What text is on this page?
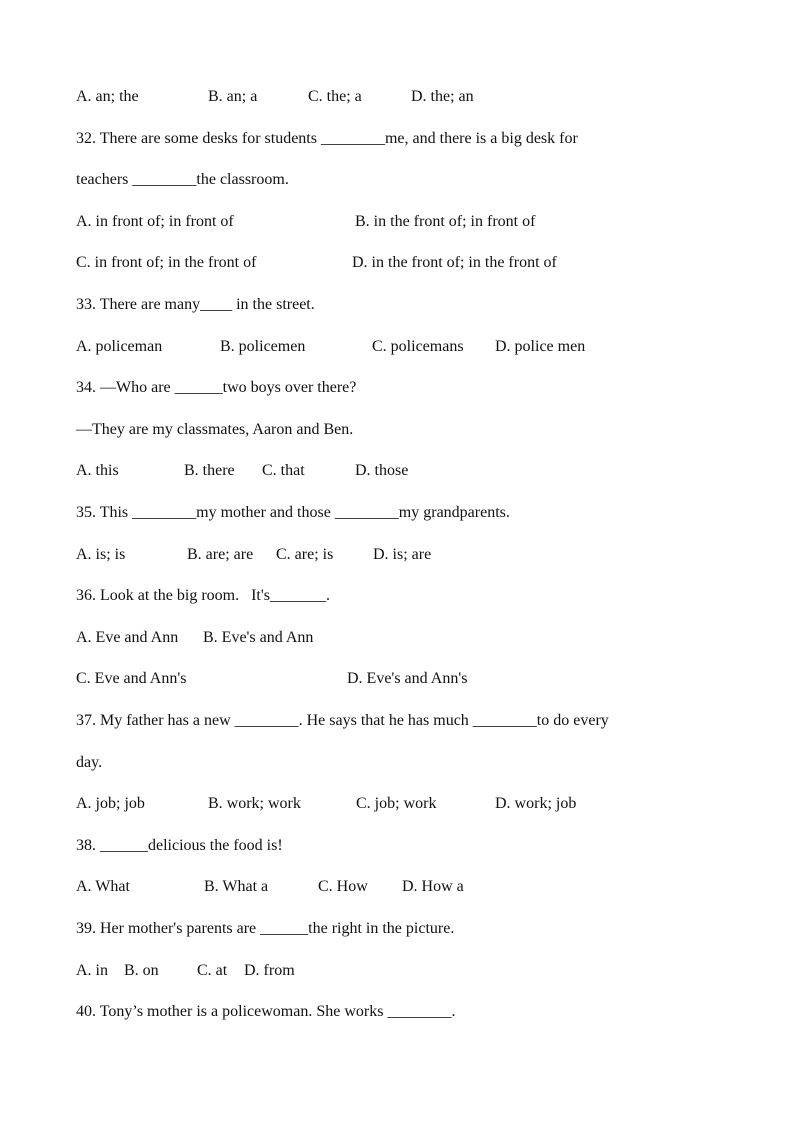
A. an; the	B. an; a	C. the; a	D. the; an
32. There are some desks for students ________me, and there is a big desk for
teachers ________the classroom.
A. in front of; in front of	B. in the front of; in front of
C. in front of; in the front of	D. in the front of; in the front of
33. There are many____ in the street.
A. policeman	B. policemen	C. policemans D. police men
34. —Who are ______two boys over there?
—They are my classmates, Aaron and Ben.
A. this	B. there C. that	D. those
35. This ________my mother and those ________my grandparents.
A. is; is	B. are; are C. are; is D. is; are
36. Look at the big room.   It's_______.
A. Eve and Ann B. Eve's and Ann
C. Eve and Ann's	D. Eve's and Ann's
37. My father has a new ________. He says that he has much ________to do every
day.
A. job; job	B. work; work	C. job; work	D. work; job
38. ______delicious the food is!
A. What	B. What a	C. How D. How a
39. Her mother's parents are ______the right in the picture.
A. in B. on C. at D. from
40. Tony’s mother is a policewoman. She works ________.
